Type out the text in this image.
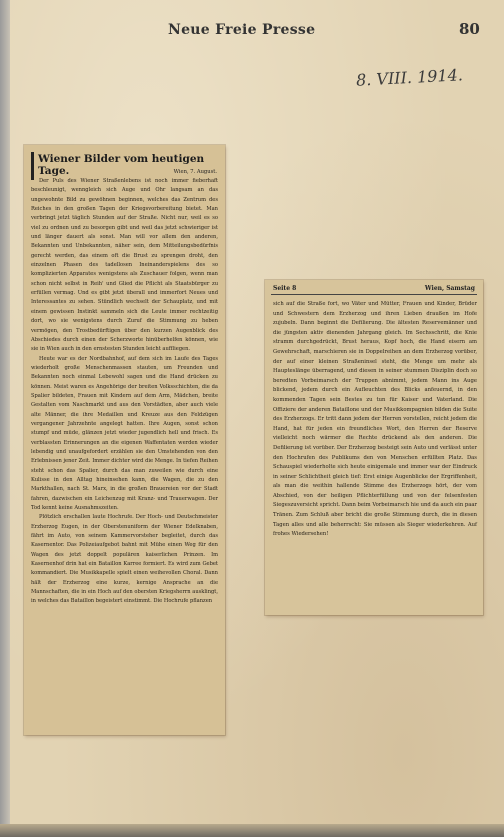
Neue Freie Presse	80
8. VIII. 1914.
Wiener Bilder vom heutigen Tage.	Wien, 7. August.

Der Puls des Wiener Straßenlebens ist noch immer fieberhaft beschleunigt, wenngleich sich Auge und Ohr langsam an das ungewohnte Bild zu gewöhnen beginnen, welches das Zentrum des Reiches in den großen Tagen der Kriegsvorbereitung bietet. Man verbringt jetzt täglich Stunden auf der Straße. Nicht nur, weil es so viel zu ordnen und zu besorgen gibt und weil das jetzt schwieriger ist und länger dauert als sonst. Man will vor allem den anderen, Bekannten und Unbekannten, näher sein, dem Mitteilungsbedürfnis gerecht werden, das einem oft die Brust zu sprengen droht, den einzelnen Phasen des tadellosen Ineinanderspielens des so komplizierten Apparates wenigstens als Zuschauer folgen, wenn man schon nicht selbst in Reih' und Glied die Pflicht als Staatsbürger zu erfüllen vermag. Und es gibt jetzt überall und immerfort Neues und Interessantes zu sehen. Stündlich wechselt der Schauplatz, und mit einem gewissen Instinkt sammeln sich die Leute immer rechtzeitig dort, wo sie wenigstens durch Zuruf die Stimmung zu heben vermögen, den Trostbedürftigen über den kurzen Augenblick des Abschiedes durch einen der Scherzworte hinüberhelfen können, wie sie in Wien auch in den ernstesten Stunden leicht auffliegen.

Heute war es der Nordbahnhof, auf dem sich im Laufe des Tages wiederholt große Menschenmassen stauten, um Freunden und Bekannten noch einmal Lebewohl sagen und die Hand drücken zu können. Meist waren es Angehörige der breiten Volksschichten, die da Spalier bildeten, Frauen mit Kindern auf dem Arm, Mädchen, breite Gestalten vom Naschmarkt und aus den Vorstädten, aber auch viele alte Männer, die ihre Medaillen und Kreuze aus den Feldzügen vergangener Jahrzehnte angelegt hatten. Ihre Augen, sonst schon stumpf und müde, glänzen jetzt wieder jugendlich hell und frisch. Es verblassten Erinnerungen an die eigenen Waffentaten werden wieder lebendig und unaufgefordert erzählen sie den Umstehenden von den Erlebnissen jener Zeit. Immer dichter wird die Menge. In tiefen Reihen steht schon das Spalier, durch das man zuweilen wie durch eine Kulisse in den Alltag hineinsehen kann, die Wagen, die zu den Markthallen, nach St. Marx, in die großen Brauereien vor der Stadt fahren, dazwischen ein Leichenzug mit Kranz- und Trauerwagen. Der Tod kennt keine Ausnahmszeiten.

Plötzlich erschallen laute Hochrufe. Der Hoch- und Deutschmeister Erzherzog Eugen, in der Oberstenuniform der Wiener Edelknaben, fährt im Auto, von seinem Kammervorsteher begleitet, durch das Kasernentor. Das Polizeiaufgebot bahnt mit Mühe einen Weg für den Wagen des jetzt doppelt populären kaiserlichen Prinzen. Im Kasernenhof drin hat ein Bataillon Karree formiert. Es wird zum Gebet kommandiert. Die Musikkapelle spielt einen weihevollen Choral. Dann hält der Erzherzog eine kurze, kernige Ansprache an die Mannschaften, die in ein Hoch auf den obersten Kriegsherrn ausklingt, in welches das Bataillon begeistert einstimmt. Die Hochrufe pflanzen

Seite 8	Wien, Samstag
sich auf die Straße fort, wo Väter und Mütter, Frauen und Kinder, Brüder und Schwestern dem Erzherzog und ihren Lieben draußen im Hofe zujubeln. Dann beginnt die Defilierung. Die ältesten Reservemänner und die jüngsten aktiv dienenden Jahrgang gleich. Im Sechsschritt, die Knie stramm durchgedrückt, Brust heraus, Kopf hoch, die Hand eisern am Gewehrschaft, marschieren sie in Doppelreihen an dem Erzherzog vorüber, der auf einer kleinen Straßeninsel steht, die Menge um mehr als Haupteslänge überragend, und diesen in seiner stummen Disziplin doch so beredten Vorbeimarsch der Truppen abnimmt, jedem Mann ins Auge blickend, jedem durch ein Aufleuchten des Blicks anfeuernd, in den kommenden Tagen sein Bestes zu tun für Kaiser und Vaterland. Die Offiziere der anderen Bataillone und der Musikkompagnien bilden die Suite des Erzherzogs. Er tritt dann jedem der Herren vorstellen, reicht jedem die Hand, hat für jeden ein freundliches Wort, den Herren der Reserve vielleicht noch wärmer die Rechte drückend als den anderen. Die Defilierung ist vorüber. Der Erzherzog besteigt sein Auto und verlässt unter den Hochrufen des Publikums den von Menschen erfüllten Platz. Das Schauspiel wiederholte sich heute einigemale und immer war der Eindruck in seiner Schlichtheit gleich tief: Erst einige Augenblicke der Ergriffenheit, als man die weithin hallende Stimme des Erzherzogs hört, der vom Abschied, von der heiligen Pflichterfüllung und von der felsenfesten Siegeszuversicht spricht. Dann beim Vorbeimarsch hie und da auch ein paar Tränen. Zum Schluß aber bricht die große Stimmung durch, die in diesen Tagen alles und alle beherrscht: Sie müssen als Sieger wiederkehren. Auf frohes Wiedersehen!
